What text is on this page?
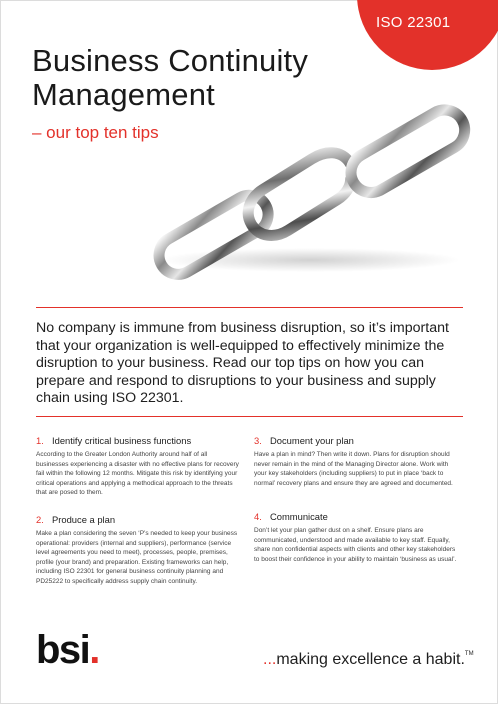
ISO 22301
Business Continuity
Management
– our top ten tips

No company is immune from business disruption, so it’s important that your organization is well-equipped to effectively minimize the disruption to your business. Read our top tips on how you can prepare and respond to disruptions to your business and supply chain using ISO 22301.

1. Identify critical business functions

According to the Greater London Authority around half of all businesses experiencing a disaster with no effective plans for recovery fail within the following 12 months. Mitigate this risk by identifying your critical operations and applying a methodical approach to the threats that are posed to them.

2. Produce a plan

Make a plan considering the seven ‘P’s needed to keep your business operational: providers (internal and suppliers), performance (service level agreements you need to meet), processes, people, premises, profile (your brand) and preparation. Existing frameworks can help, including ISO 22301 for general business continuity planning and PD25222 to specifically address supply chain continuity.

3. Document your plan

Have a plan in mind? Then write it down. Plans for disruption should never remain in the mind of the Managing Director alone. Work with your key stakeholders (including suppliers) to put in place ‘back to normal’ recovery plans and ensure they are agreed and documented.

4. Communicate

Don’t let your plan gather dust on a shelf. Ensure plans are communicated, understood and made available to key staff. Equally, share non confidential aspects with clients and other key stakeholders to boost their confidence in your ability to maintain ‘business as usual’.

bsi.	...making excellence a habit.™
